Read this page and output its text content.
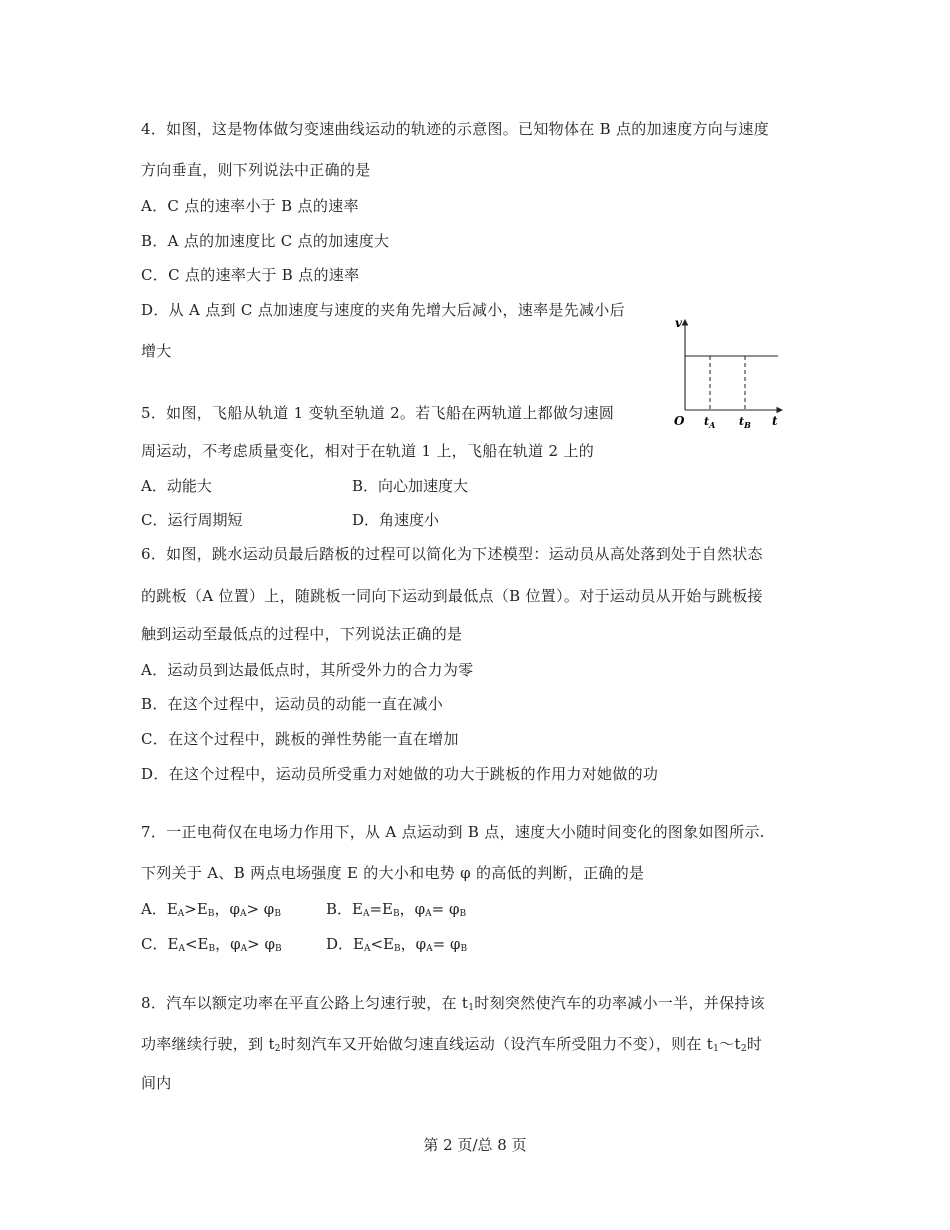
4．如图，这是物体做匀变速曲线运动的轨迹的示意图。已知物体在 B 点的加速度方向与速度
方向垂直，则下列说法中正确的是
A．C 点的速率小于 B 点的速率
B．A 点的加速度比 C 点的加速度大
C．C 点的速率大于 B 点的速率
D．从 A 点到 C 点加速度与速度的夹角先增大后减小，速率是先减小后
增大
v
t
O $t_A$ $t_B$
5．如图，飞船从轨道 1 变轨至轨道 2。若飞船在两轨道上都做匀速圆
周运动，不考虑质量变化，相对于在轨道 1 上，飞船在轨道 2 上的
A．动能大	B．向心加速度大
C．运行周期短	D．角速度小
6．如图，跳水运动员最后踏板的过程可以简化为下述模型：运动员从高处落到处于自然状态
的跳板（A 位置）上，随跳板一同向下运动到最低点（B 位置）。对于运动员从开始与跳板接
触到运动至最低点的过程中，下列说法正确的是
A．运动员到达最低点时，其所受外力的合力为零
B．在这个过程中，运动员的动能一直在减小
C．在这个过程中，跳板的弹性势能一直在增加
D．在这个过程中，运动员所受重力对她做的功大于跳板的作用力对她做的功
7．一正电荷仅在电场力作用下，从 A 点运动到 B 点，速度大小随时间变化的图象如图所示.
下列关于 A、B 两点电场强度 E 的大小和电势 φ 的高低的判断，正确的是
A．$E_A>E_B$，$\varphi_A> \varphi_B$	B．$E_A=E_B$，$\varphi_A= \varphi_B$
C．$E_A<E_B$，$\varphi_A> \varphi_B$	D．$E_A<E_B$，$\varphi_A= \varphi_B$
8．汽车以额定功率在平直公路上匀速行驶，在 $t_1$时刻突然使汽车的功率减小一半，并保持该
功率继续行驶，到 $t_2$时刻汽车又开始做匀速直线运动（设汽车所受阻力不变），则在 $t_1\sim t_2$时
间内
第 2 页/总 8 页
